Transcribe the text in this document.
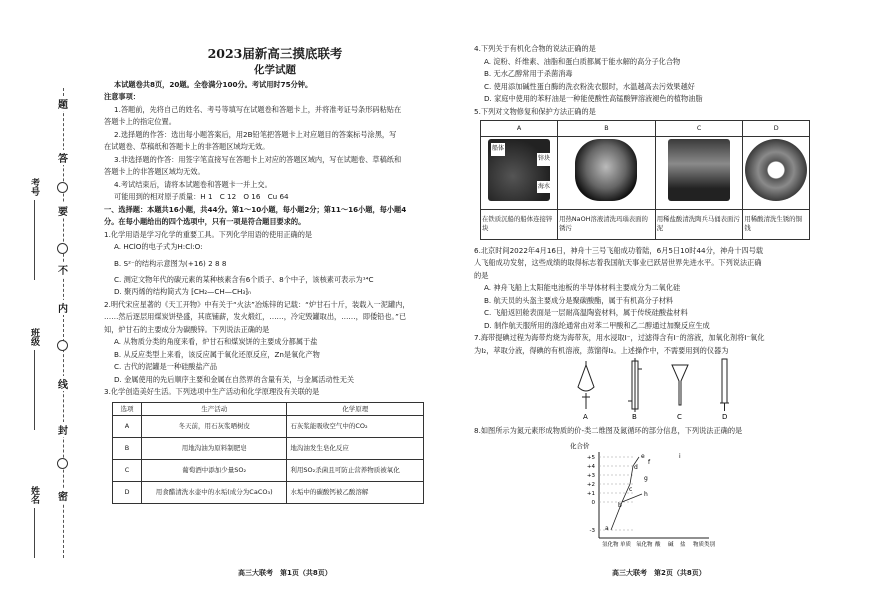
题
答
要
不
内
线
封
密
考号
班级
姓名

2023届新高三摸底联考

化学试题

本试题卷共8页，20题。全卷满分100分。考试用时75分钟。

注意事项：

1.答题前，先将自己的姓名、考号等填写在试题卷和答题卡上，并将准考证号条形码粘贴在

答题卡上的指定位置。

2.选择题的作答：选出每小题答案后，用2B铅笔把答题卡上对应题目的答案标号涂黑，写

在试题卷、草稿纸和答题卡上的非答题区域均无效。

3.非选择题的作答：用签字笔直接写在答题卡上对应的答题区域内，写在试题卷、草稿纸和

答题卡上的非答题区域均无效。

4.考试结束后，请将本试题卷和答题卡一并上交。

可能用到的相对原子质量：H 1　C 12　O 16　Cu 64

一、选择题：本题共16小题，共44分。第1～10小题，每小题2分；第11～16小题，每小题4

分。在每小题给出的四个选项中，只有一项是符合题目要求的。

1.化学用语是学习化学的重要工具。下列化学用语的使用正确的是

A. HClO的电子式为H:Cl:O:

B. S²⁻的结构示意图为(+16) 2 8 8

C. 测定文物年代的碳元素的某种核素含有6个质子、8个中子，该核素可表示为¹⁴C

D. 聚丙烯的结构简式为 ⁅CH₂—CH—CH₃⁆ₙ

2.明代宋应星著的《天工开物》中有关于“火法”冶炼锌的记载：“炉甘石十斤，装载入一泥罐内，

……然后逐层用煤炭饼垫盛，其底铺薪，发火煅红，……，冷定毁罐取出，……，即倭铅也。”已

知，炉甘石的主要成分为碳酸锌。下列说法正确的是

A. 从物质分类的角度来看，炉甘石和煤炭饼的主要成分都属于盐

B. 从反应类型上来看，该反应属于氧化还原反应，Zn是氧化产物

C. 古代的泥罐是一种硅酸盐产品

D. 金属使用的先后顺序主要和金属在自然界的含量有关，与金属活动性无关

3.化学创造美好生活。下列选项中生产活动和化学原理没有关联的是

选项	生产活动	化学原理
A	冬天前，用石灰浆晒树皮	石灰浆能吸收空气中的CO₂
B	用地沟油为原料制肥皂	地沟油发生皂化反应
C	葡萄酒中添加少量SO₂	利用SO₂杀菌且可防止营养物质被氧化
D	用食醋清洗水壶中的水垢(成分为CaCO₃)	水垢中的碳酸钙被乙酸溶解

4.下列关于有机化合物的说法正确的是

A. 淀粉、纤维素、油脂和蛋白质都属于能水解的高分子化合物

B. 无水乙醇常用于杀菌消毒

C. 使用添加碱性蛋白酶的洗衣粉洗衣服时，水温越高去污效果越好

D. 家庭中使用的苯籽油是一种能使酸性高锰酸钾溶液褪色的植物油脂

5.下列对文物修复和保护方法正确的是

A	B	C	D

船体
锌块
海水			

在铁质沉船的船体连接锌块	用热NaOH溶液清洗玛瑙表面的锈污	用稀盐酸清洗陶兵马俑表面污泥	用稀酸清洗生锈的铜钱

6.北京时间2022年4月16日，神舟十三号飞船成功着陆，6月5日10时44分，神舟十四号载

人飞船成功发射，这些成绩的取得标志着我国航天事业已跃居世界先进水平。下列说法正确

的是

A. 神舟飞船上太阳能电池板的半导体材料主要成分为二氧化硅

B. 航天员的头盔主要成分是聚碳酸酯，属于有机高分子材料

C. 飞船返回舱表面是一层耐高温陶瓷材料，属于传统硅酸盐材料

D. 制作航天服所用的涤纶通常由对苯二甲酸和乙二醇通过加聚反应生成

7.海带提碘过程为海带灼烧为海带灰，用水浸取I⁻，过滤得含有I⁻的溶液，加氧化剂将I⁻氧化

为I₂，萃取分液，得碘的有机溶液，蒸馏得I₂。上述操作中，不需要用到的仪器为

A	B	C	D

8.如图所示为氮元素形成物质的价-类二维图及氮循环的部分信息，下列说法正确的是

化合价
+5
+4
+3
+2
+1
0
-3 a
b
c
d
e
f
g
h
i
氢化物 单质 氧化物 酸 碱 盐 物质类别
高三大联考　第1页（共8页）	高三大联考　第2页（共8页）
